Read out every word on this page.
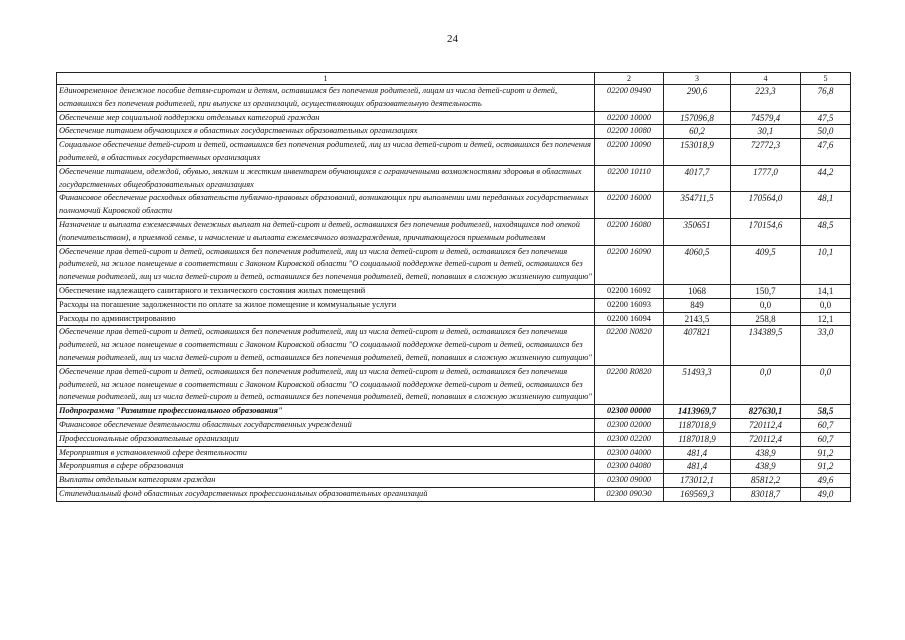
24
1	2	3	4	5
Единовременное денежное пособие детям-сиротам и детям, оставшимся без попечения родителей, лицам из числа детей-сирот и детей, оставшихся без попечения родителей, при выпуске из организаций, осуществляющих образовательную деятельность	02200 09490	290,6	223,3	76,8
Обеспечение мер социальной поддержки отдельных категорий граждан	02200 10000	157096,8	74579,4	47,5
Обеспечение питанием обучающихся в областных государственных образовательных организациях	02200 10080	60,2	30,1	50,0
Социальное обеспечение детей-сирот и детей, оставшихся без попечения родителей, лиц из числа детей-сирот и детей, оставшихся без попечения родителей, в областных государственных организациях	02200 10090	153018,9	72772,3	47,6
Обеспечение питанием, одеждой, обувью, мягким и жестким инвентарем обучающихся с ограниченными возможностями здоровья в областных государственных общеобразовательных организациях	02200 10110	4017,7	1777,0	44,2
Финансовое обеспечение расходных обязательств публично-правовых образований, возникающих при выполнении ими переданных государственных полномочий Кировской области	02200 16000	354711,5	170564,0	48,1
Назначение и выплата ежемесячных денежных выплат на детей-сирот и детей, оставшихся без попечения родителей, находящихся под опекой (попечительством), в приемной семье, и начисление и выплата ежемесячного вознаграждения, причитающегося приемным родителям	02200 16080	350651	170154,6	48,5
Обеспечение прав детей-сирот и детей, оставшихся без попечения родителей, лиц из числа детей-сирот и детей, оставшихся без попечения родителей, на жилое помещение в соответствии с Законом Кировской области "О социальной поддержке детей-сирот и детей, оставшихся без попечения родителей, лиц из числа детей-сирот и детей, оставшихся без попечения родителей, детей, попавших в сложную жизненную ситуацию"	02200 16090	4060,5	409,5	10,1
Обеспечение надлежащего санитарного и технического состояния жилых помещений	02200 16092	1068	150,7	14,1
Расходы на погашение задолженности по оплате за жилое помещение и коммунальные услуги	02200 16093	849	0,0	0,0
Расходы по администрированию	02200 16094	2143,5	258,8	12,1
Обеспечение прав детей-сирот и детей, оставшихся без попечения родителей, лиц из числа детей-сирот и детей, оставшихся без попечения родителей, на жилое помещение в соответствии с Законом Кировской области "О социальной поддержке детей-сирот и детей, оставшихся без попечения родителей, лиц из числа детей-сирот и детей, оставшихся без попечения родителей, детей, попавших в сложную жизненную ситуацию"	02200 N0820	407821	134389,5	33,0
Обеспечение прав детей-сирот и детей, оставшихся без попечения родителей, лиц из числа детей-сирот и детей, оставшихся без попечения родителей, на жилое помещение в соответствии с Законом Кировской области "О социальной поддержке детей-сирот и детей, оставшихся без попечения родителей, лиц из числа детей-сирот и детей, оставшихся без попечения родителей, детей, попавших в сложную жизненную ситуацию"	02200 R0820	51493,3	0,0	0,0
Подпрограмма "Развитие профессионального образования"	02300 00000	1413969,7	827630,1	58,5
Финансовое обеспечение деятельности областных государственных учреждений	02300 02000	1187018,9	720112,4	60,7
Профессиональные образовательные организации	02300 02200	1187018,9	720112,4	60,7
Мероприятия в установленной сфере деятельности	02300 04000	481,4	438,9	91,2
Мероприятия в сфере образования	02300 04080	481,4	438,9	91,2
Выплаты отдельным категориям граждан	02300 09000	173012,1	85812,2	49,6
Стипендиальный фонд областных государственных профессиональных образовательных организаций	02300 090Э0	169569,3	83018,7	49,0
